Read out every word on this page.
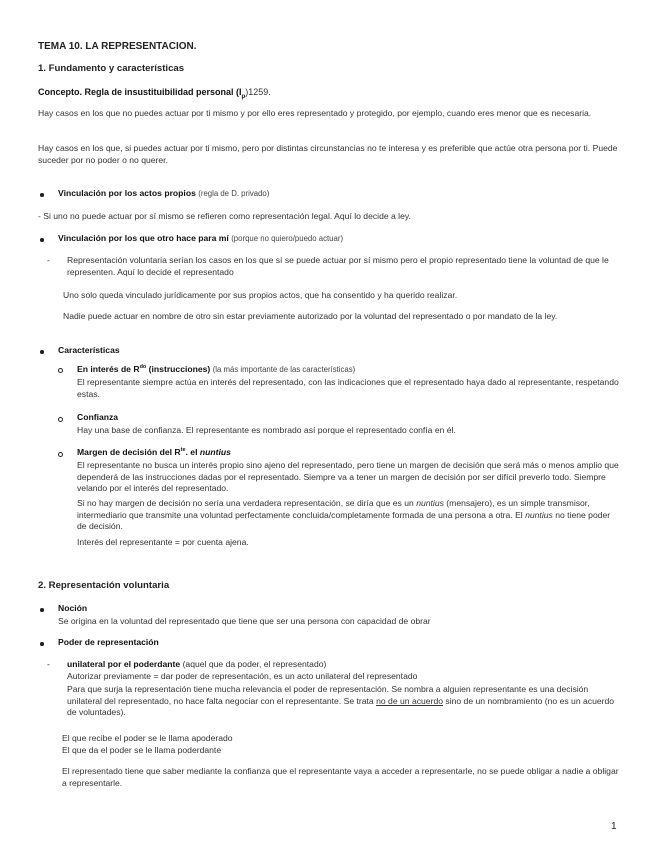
TEMA 10. LA REPRESENTACION.
1. Fundamento y características
Concepto. Regla de insustituibilidad personal $(I_p)1259$.
Hay casos en los que no puedes actuar por ti mismo y por ello eres representado y protegido, por ejemplo, cuando eres menor que es necesaria.
Hay casos en los que, si puedes actuar por ti mismo, pero por distintas circunstancias no te interesa y es preferible que actúe otra persona por ti. Puede suceder por no poder o no querer.
Vinculación por los actos propios (regla de D. privado)
- Si uno no puede actuar por sí mismo se refieren como representación legal. Aquí lo decide a ley.
Vinculación por los que otro hace para mí (porque no quiero/puedo actuar)
- Representación voluntaria serían los casos en los que sí se puede actuar por sí mismo pero el propio representado tiene la voluntad de que le representen. Aquí lo decide el representado
Uno solo queda vinculado jurídicamente por sus propios actos, que ha consentido y ha querido realizar.
Nadie puede actuar en nombre de otro sin estar previamente autorizado por la voluntad del representado o por mandato de la ley.
Características
En interés de $R^{do}$ (instrucciones) (la más importante de las características)
El representante siempre actúa en interés del representado, con las indicaciones que el representado haya dado al representante, respetando estas.
Confianza
Hay una base de confianza. El representante es nombrado así porque el representado confía en él.
Margen de decisión del $R^{te}$. el nuntius
El representante no busca un interés propio sino ajeno del representado, pero tiene un margen de decisión que será más o menos amplio que dependerá de las instrucciones dadas por el representado. Siempre va a tener un margen de decisión por ser difícil preverlo todo. Siempre velando por el interés del representado.
Si no hay margen de decisión no sería una verdadera representación, se diría que es un nuntius (mensajero), es un simple transmisor, intermediario que transmite una voluntad perfectamente concluida/completamente formada de una persona a otra. El nuntius no tiene poder de decisión.
Interés del representante = por cuenta ajena.
2. Representación voluntaria
Noción
Se origina en la voluntad del representado que tiene que ser una persona con capacidad de obrar
Poder de representación
- unilateral por el poderdante (aquel que da poder, el representado)
Autorizar previamente = dar poder de representación, es un acto unilateral del representado
Para que surja la representación tiene mucha relevancia el poder de representación. Se nombra a alguien representante es una decisión unilateral del representado, no hace falta negociar con el representante. Se trata no de un acuerdo sino de un nombramiento (no es un acuerdo de voluntades).
El que recibe el poder se le llama apoderado
El que da el poder se le llama poderdante
El representado tiene que saber mediante la confianza que el representante vaya a acceder a representarle, no se puede obligar a nadie a obligar a representarle.
1
